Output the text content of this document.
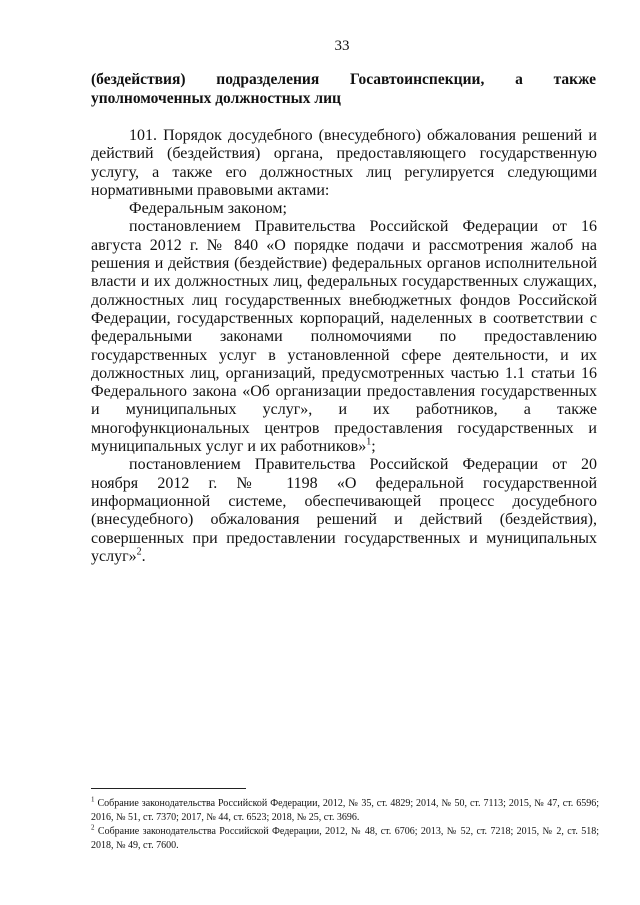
33
(бездействия) подразделения Госавтоинспекции, а также
уполномоченных должностных лиц

101. Порядок досудебного (внесудебного) обжалования решений и действий (бездействия) органа, предоставляющего государственную услугу, а также его должностных лиц регулируется следующими нормативными правовыми актами:

Федеральным законом;

постановлением Правительства Российской Федерации от 16 августа 2012 г. № 840 «О порядке подачи и рассмотрения жалоб на решения и действия (бездействие) федеральных органов исполнительной власти и их должностных лиц, федеральных государственных служащих, должностных лиц государственных внебюджетных фондов Российской Федерации, государственных корпораций, наделенных в соответствии с федеральными законами полномочиями по предоставлению государственных услуг в установленной сфере деятельности, и их должностных лиц, организаций, предусмотренных частью 1.1 статьи 16 Федерального закона «Об организации предоставления государственных и муниципальных услуг», и их работников, а также многофункциональных центров предоставления государственных и муниципальных услуг и их работников»$^1$;

постановлением Правительства Российской Федерации от 20 ноября 2012 г. № 1198 «О федеральной государственной информационной системе, обеспечивающей процесс досудебного (внесудебного) обжалования решений и действий (бездействия), совершенных при предоставлении государственных и муниципальных услуг»$^2$.

$^1$ Собрание законодательства Российской Федерации, 2012, № 35, ст. 4829; 2014, № 50, ст. 7113; 2015, № 47, ст. 6596; 2016, № 51, ст. 7370; 2017, № 44, ст. 6523; 2018, № 25, ст. 3696.

$^2$ Собрание законодательства Российской Федерации, 2012, № 48, ст. 6706; 2013, № 52, ст. 7218; 2015, № 2, ст. 518; 2018, № 49, ст. 7600.
